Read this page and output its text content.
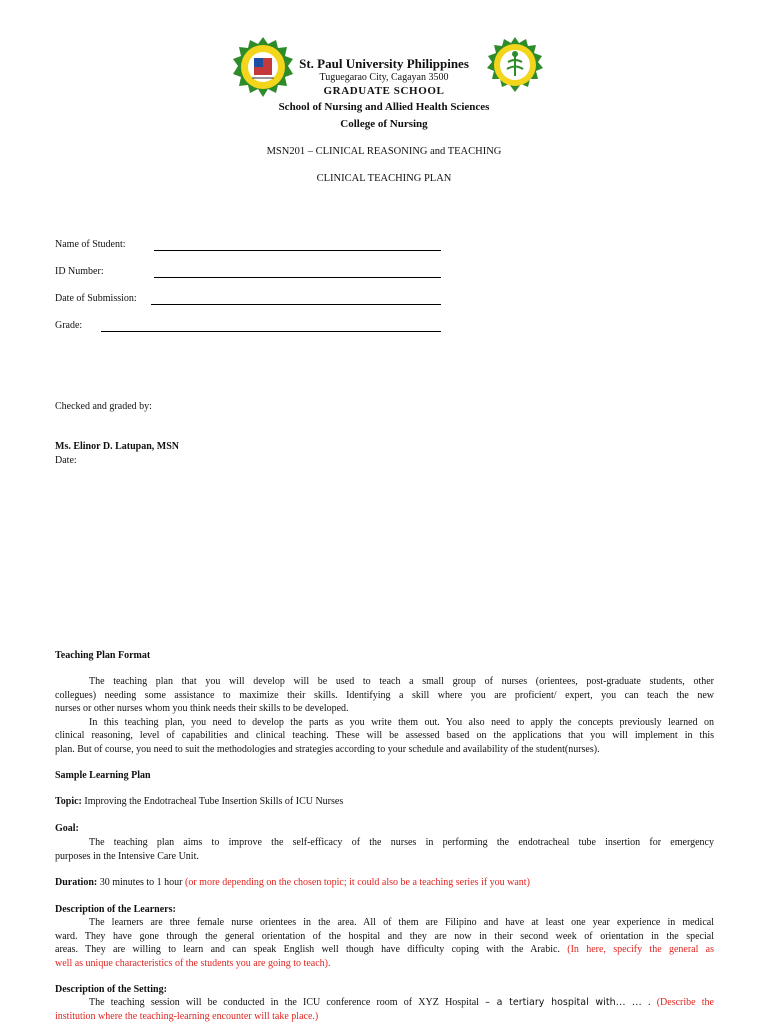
St. Paul University Philippines
Tuguegarao City, Cagayan 3500
GRADUATE SCHOOL
School of Nursing and Allied Health Sciences
College of Nursing
MSN201 – CLINICAL REASONING and TEACHING
CLINICAL TEACHING PLAN
Name of Student:
ID Number:
Date of Submission:
Grade:
Checked and graded by:
Ms. Elinor D. Latupan, MSN
Date:
Teaching Plan Format
The teaching plan that you will develop will be used to teach a small group of nurses (orientees, post-graduate students, other
collegues) needing some assistance to maximize their skills. Identifying a skill where you are proficient/ expert, you can teach the new
nurses or other nurses whom you think needs their skills to be developed.
In this teaching plan, you need to develop the parts as you write them out. You also need to apply the concepts previously learned on
clinical reasoning, level of capabilities and clinical teaching. These will be assessed based on the applications that you will implement in this
plan. But of course, you need to suit the methodologies and strategies according to your schedule and availability of the student(nurses).
Sample Learning Plan
Topic: Improving the Endotracheal Tube Insertion Skills of ICU Nurses
Goal:
The teaching plan aims to improve the self-efficacy of the nurses in performing the endotracheal tube insertion for emergency
purposes in the Intensive Care Unit.
Duration: 30 minutes to 1 hour (or more depending on the chosen topic; it could also be a teaching series if you want)
Description of the Learners:
The learners are three female nurse orientees in the area. All of them are Filipino and have at least one year experience in medical
ward. They have gone through the general orientation of the hospital and they are now in their second week of orientation in the special
areas. They are willing to learn and can speak English well though have difficulty coping with the Arabic. (In here, specify the general as
well as unique characteristics of the students you are going to teach).
Description of the Setting:
The teaching session will be conducted in the ICU conference room of XYZ Hospital – a tertiary hospital with… … . (Describe the
institution where the teaching-learning encounter will take place.)
